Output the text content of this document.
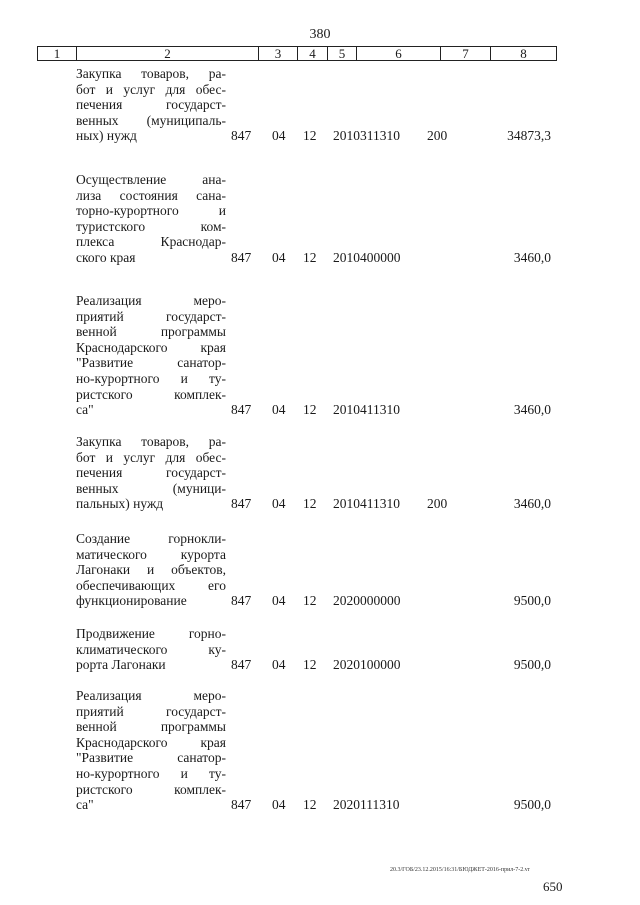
380
1	2	3	4	5	6	7	8
Закупка товаров, ра-
бот и услуг для обес-
печения государст-
венных (муниципаль-
ных) нужд	847 04 12 2010311310 200	34873,3
Осуществление ана-
лиза состояния сана-
торно-курортного и
туристского ком-
плекса Краснодар-
ского края	847 04 12 2010400000	3460,0
Реализация меро-
приятий государст-
венной программы
Краснодарского края
"Развитие санатор-
но-курортного и ту-
ристского комплек-
са"	847 04 12 2010411310	3460,0
Закупка товаров, ра-
бот и услуг для обес-
печения государст-
венных (муници-
пальных) нужд	847 04 12 2010411310 200	3460,0
Создание горнокли-
матического курорта
Лагонаки и объектов,
обеспечивающих его
функционирование	847 04 12 2020000000	9500,0
Продвижение горно-
климатического ку-
рорта Лагонаки	847 04 12 2020100000	9500,0
Реализация меро-
приятий государст-
венной программы
Краснодарского края
"Развитие санатор-
но-курортного и ту-
ристского комплек-
са"	847 04 12 2020111310	9500,0
20.3/ГОБ/23.12.2015/16:31/БЮДЖЕТ-2016-прил-7-2.vr
650
